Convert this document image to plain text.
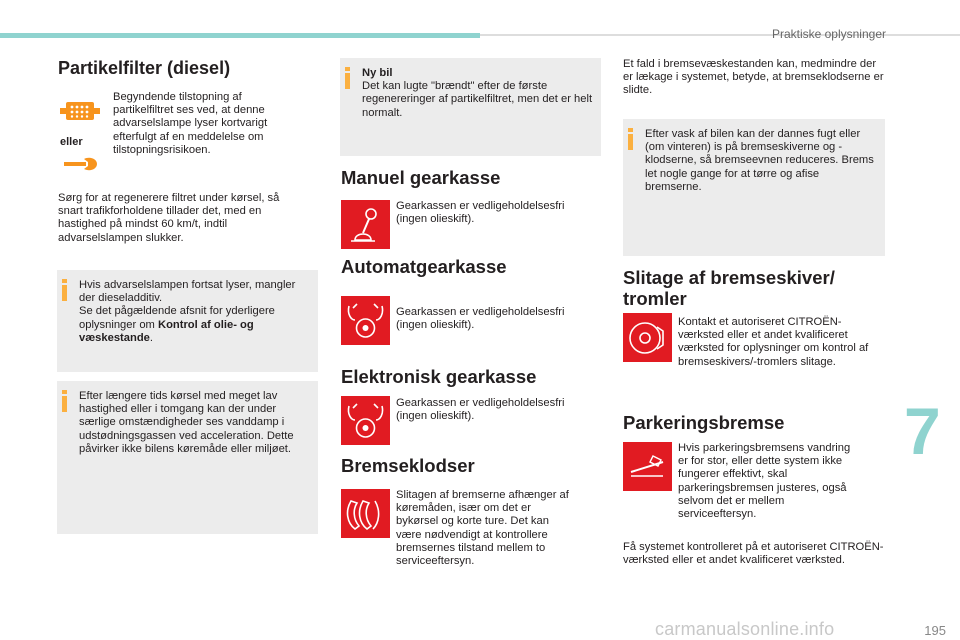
Praktiske oplysninger
Partikelfilter (diesel)
eller
Begyndende tilstopning af partikelfiltret ses ved, at denne advarselslampe lyser kortvarigt efterfulgt af en meddelelse om tilstopningsrisikoen.
Sørg for at regenerere filtret under kørsel, så snart trafikforholdene tillader det, med en hastighed på mindst 60 km/t, indtil advarselslampen slukker.
Hvis advarselslampen fortsat lyser, mangler der dieseladditiv.
Se det pågældende afsnit for yderligere oplysninger om Kontrol af olie- og væskestande.
Efter længere tids kørsel med meget lav hastighed eller i tomgang kan der under særlige omstændigheder ses vanddamp i udstødningsgassen ved acceleration. Dette påvirker ikke bilens køremåde eller miljøet.
Ny bil
Det kan lugte "brændt" efter de første regenereringer af partikelfiltret, men det er helt normalt.
Manuel gearkasse
Gearkassen er vedligeholdelsesfri (ingen olieskift).
Automatgearkasse
Gearkassen er vedligeholdelsesfri (ingen olieskift).
Elektronisk gearkasse
Gearkassen er vedligeholdelsesfri (ingen olieskift).
Bremseklodser
Slitagen af bremserne afhænger af køremåden, især om det er bykørsel og korte ture. Det kan være nødvendigt at kontrollere bremsernes tilstand mellem to serviceeftersyn.
Et fald i bremsevæskestanden kan, medmindre der er lækage i systemet, betyde, at bremseklodserne er slidte.
Efter vask af bilen kan der dannes fugt eller (om vinteren) is på bremseskiverne og -klodserne, så bremseevnen reduceres. Brems let nogle gange for at tørre og afise bremserne.
Slitage af bremseskiver/
tromler
Kontakt et autoriseret CITROËN-værksted eller et andet kvalificeret værksted for oplysninger om kontrol af bremseskivers/-tromlers slitage.
Parkeringsbremse
Hvis parkeringsbremsens vandring er for stor, eller dette system ikke fungerer effektivt, skal parkeringsbremsen justeres, også selvom det er mellem serviceeftersyn.
Få systemet kontrolleret på et autoriseret CITROËN-værksted eller et andet kvalificeret værksted.
7
carmanualsonline.info	195
